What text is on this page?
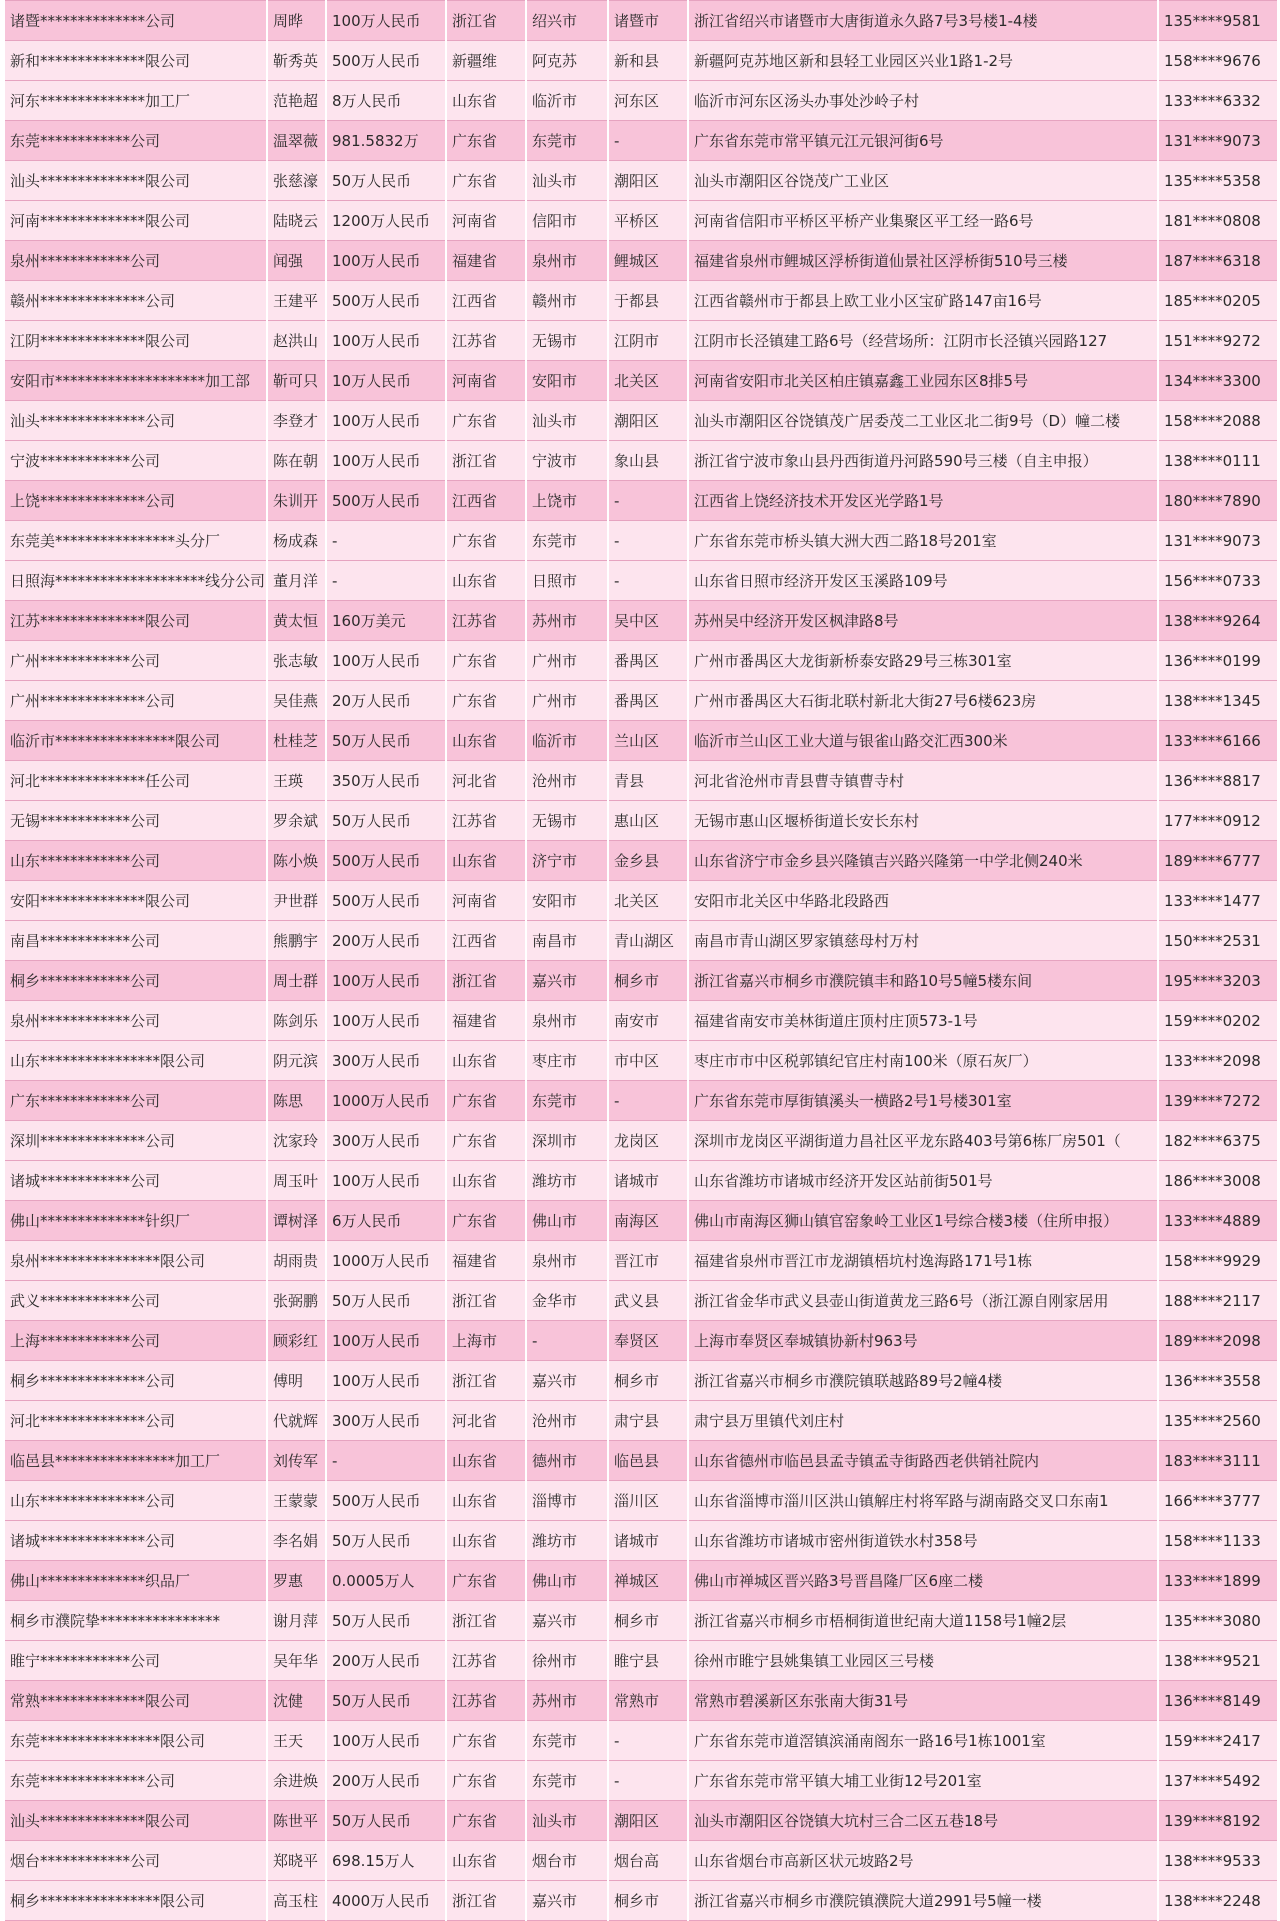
诸暨**************公司	周晔	100万人民币	浙江省	绍兴市	诸暨市	浙江省绍兴市诸暨市大唐街道永久路7号3号楼1-4楼	135****9581
新和**************限公司	靳秀英	500万人民币	新疆维	阿克苏	新和县	新疆阿克苏地区新和县轻工业园区兴业1路1-2号	158****9676
河东**************加工厂	范艳超	8万人民币	山东省	临沂市	河东区	临沂市河东区汤头办事处沙岭子村	133****6332
东莞************公司	温翠薇	981.5832万	广东省	东莞市	-	广东省东莞市常平镇元江元银河街6号	131****9073
汕头**************限公司	张慈濠	50万人民币	广东省	汕头市	潮阳区	汕头市潮阳区谷饶茂广工业区	135****5358
河南**************限公司	陆晓云	1200万人民币	河南省	信阳市	平桥区	河南省信阳市平桥区平桥产业集聚区平工经一路6号	181****0808
泉州************公司	闻强	100万人民币	福建省	泉州市	鲤城区	福建省泉州市鲤城区浮桥街道仙景社区浮桥街510号三楼	187****6318
赣州**************公司	王建平	500万人民币	江西省	赣州市	于都县	江西省赣州市于都县上欧工业小区宝矿路147亩16号	185****0205
江阴**************限公司	赵洪山	100万人民币	江苏省	无锡市	江阴市	江阴市长泾镇建工路6号（经营场所：江阴市长泾镇兴园路127	151****9272
安阳市********************加工部	靳可只	10万人民币	河南省	安阳市	北关区	河南省安阳市北关区柏庄镇嘉鑫工业园东区8排5号	134****3300
汕头**************公司	李登才	100万人民币	广东省	汕头市	潮阳区	汕头市潮阳区谷饶镇茂广居委茂二工业区北二街9号（D）幢二楼	158****2088
宁波************公司	陈在朝	100万人民币	浙江省	宁波市	象山县	浙江省宁波市象山县丹西街道丹河路590号三楼（自主申报）	138****0111
上饶**************公司	朱训开	500万人民币	江西省	上饶市	-	江西省上饶经济技术开发区光学路1号	180****7890
东莞美****************头分厂	杨成森	-	广东省	东莞市	-	广东省东莞市桥头镇大洲大西二路18号201室	131****9073
日照海********************线分公司	董月洋	-	山东省	日照市	-	山东省日照市经济开发区玉溪路109号	156****0733
江苏**************限公司	黄太恒	160万美元	江苏省	苏州市	吴中区	苏州吴中经济开发区枫津路8号	138****9264
广州************公司	张志敏	100万人民币	广东省	广州市	番禺区	广州市番禺区大龙街新桥泰安路29号三栋301室	136****0199
广州**************公司	吴佳燕	20万人民币	广东省	广州市	番禺区	广州市番禺区大石街北联村新北大街27号6楼623房	138****1345
临沂市****************限公司	杜桂芝	50万人民币	山东省	临沂市	兰山区	临沂市兰山区工业大道与银雀山路交汇西300米	133****6166
河北**************任公司	王瑛	350万人民币	河北省	沧州市	青县	河北省沧州市青县曹寺镇曹寺村	136****8817
无锡************公司	罗余斌	50万人民币	江苏省	无锡市	惠山区	无锡市惠山区堰桥街道长安长东村	177****0912
山东************公司	陈小焕	500万人民币	山东省	济宁市	金乡县	山东省济宁市金乡县兴隆镇吉兴路兴隆第一中学北侧240米	189****6777
安阳**************限公司	尹世群	500万人民币	河南省	安阳市	北关区	安阳市北关区中华路北段路西	133****1477
南昌************公司	熊鹏宇	200万人民币	江西省	南昌市	青山湖区	南昌市青山湖区罗家镇慈母村万村	150****2531
桐乡************公司	周士群	100万人民币	浙江省	嘉兴市	桐乡市	浙江省嘉兴市桐乡市濮院镇丰和路10号5幢5楼东间	195****3203
泉州************公司	陈剑乐	100万人民币	福建省	泉州市	南安市	福建省南安市美林街道庄顶村庄顶573-1号	159****0202
山东****************限公司	阴元滨	300万人民币	山东省	枣庄市	市中区	枣庄市市中区税郭镇纪官庄村南100米（原石灰厂）	133****2098
广东************公司	陈思	1000万人民币	广东省	东莞市	-	广东省东莞市厚街镇溪头一横路2号1号楼301室	139****7272
深圳**************公司	沈家玲	300万人民币	广东省	深圳市	龙岗区	深圳市龙岗区平湖街道力昌社区平龙东路403号第6栋厂房501（	182****6375
诸城************公司	周玉叶	100万人民币	山东省	潍坊市	诸城市	山东省潍坊市诸城市经济开发区站前街501号	186****3008
佛山**************针织厂	谭树泽	6万人民币	广东省	佛山市	南海区	佛山市南海区狮山镇官窑象岭工业区1号综合楼3楼（住所申报）	133****4889
泉州****************限公司	胡雨贵	1000万人民币	福建省	泉州市	晋江市	福建省泉州市晋江市龙湖镇梧坑村逸海路171号1栋	158****9929
武义************公司	张弼鹏	50万人民币	浙江省	金华市	武义县	浙江省金华市武义县壶山街道黄龙三路6号（浙江源自刚家居用	188****2117
上海************公司	顾彩红	100万人民币	上海市	-	奉贤区	上海市奉贤区奉城镇协新村963号	189****2098
桐乡**************公司	傅明	100万人民币	浙江省	嘉兴市	桐乡市	浙江省嘉兴市桐乡市濮院镇联越路89号2幢4楼	136****3558
河北**************公司	代就辉	300万人民币	河北省	沧州市	肃宁县	肃宁县万里镇代刘庄村	135****2560
临邑县****************加工厂	刘传军	-	山东省	德州市	临邑县	山东省德州市临邑县孟寺镇孟寺街路西老供销社院内	183****3111
山东**************公司	王蒙蒙	500万人民币	山东省	淄博市	淄川区	山东省淄博市淄川区洪山镇解庄村将军路与湖南路交叉口东南1	166****3777
诸城**************公司	李名娟	50万人民币	山东省	潍坊市	诸城市	山东省潍坊市诸城市密州街道铁水村358号	158****1133
佛山**************织品厂	罗惠	0.0005万人	广东省	佛山市	禅城区	佛山市禅城区晋兴路3号晋昌隆厂区6座二楼	133****1899
桐乡市濮院挚****************	谢月萍	50万人民币	浙江省	嘉兴市	桐乡市	浙江省嘉兴市桐乡市梧桐街道世纪南大道1158号1幢2层	135****3080
睢宁************公司	吴年华	200万人民币	江苏省	徐州市	睢宁县	徐州市睢宁县姚集镇工业园区三号楼	138****9521
常熟**************限公司	沈健	50万人民币	江苏省	苏州市	常熟市	常熟市碧溪新区东张南大街31号	136****8149
东莞****************限公司	王天	100万人民币	广东省	东莞市	-	广东省东莞市道滘镇滨涌南阁东一路16号1栋1001室	159****2417
东莞**************公司	余进焕	200万人民币	广东省	东莞市	-	广东省东莞市常平镇大埔工业街12号201室	137****5492
汕头**************限公司	陈世平	50万人民币	广东省	汕头市	潮阳区	汕头市潮阳区谷饶镇大坑村三合二区五巷18号	139****8192
烟台************公司	郑晓平	698.15万人	山东省	烟台市	烟台高	山东省烟台市高新区状元坡路2号	138****9533
桐乡****************限公司	高玉柱	4000万人民币	浙江省	嘉兴市	桐乡市	浙江省嘉兴市桐乡市濮院镇濮院大道2991号5幢一楼	138****2248
